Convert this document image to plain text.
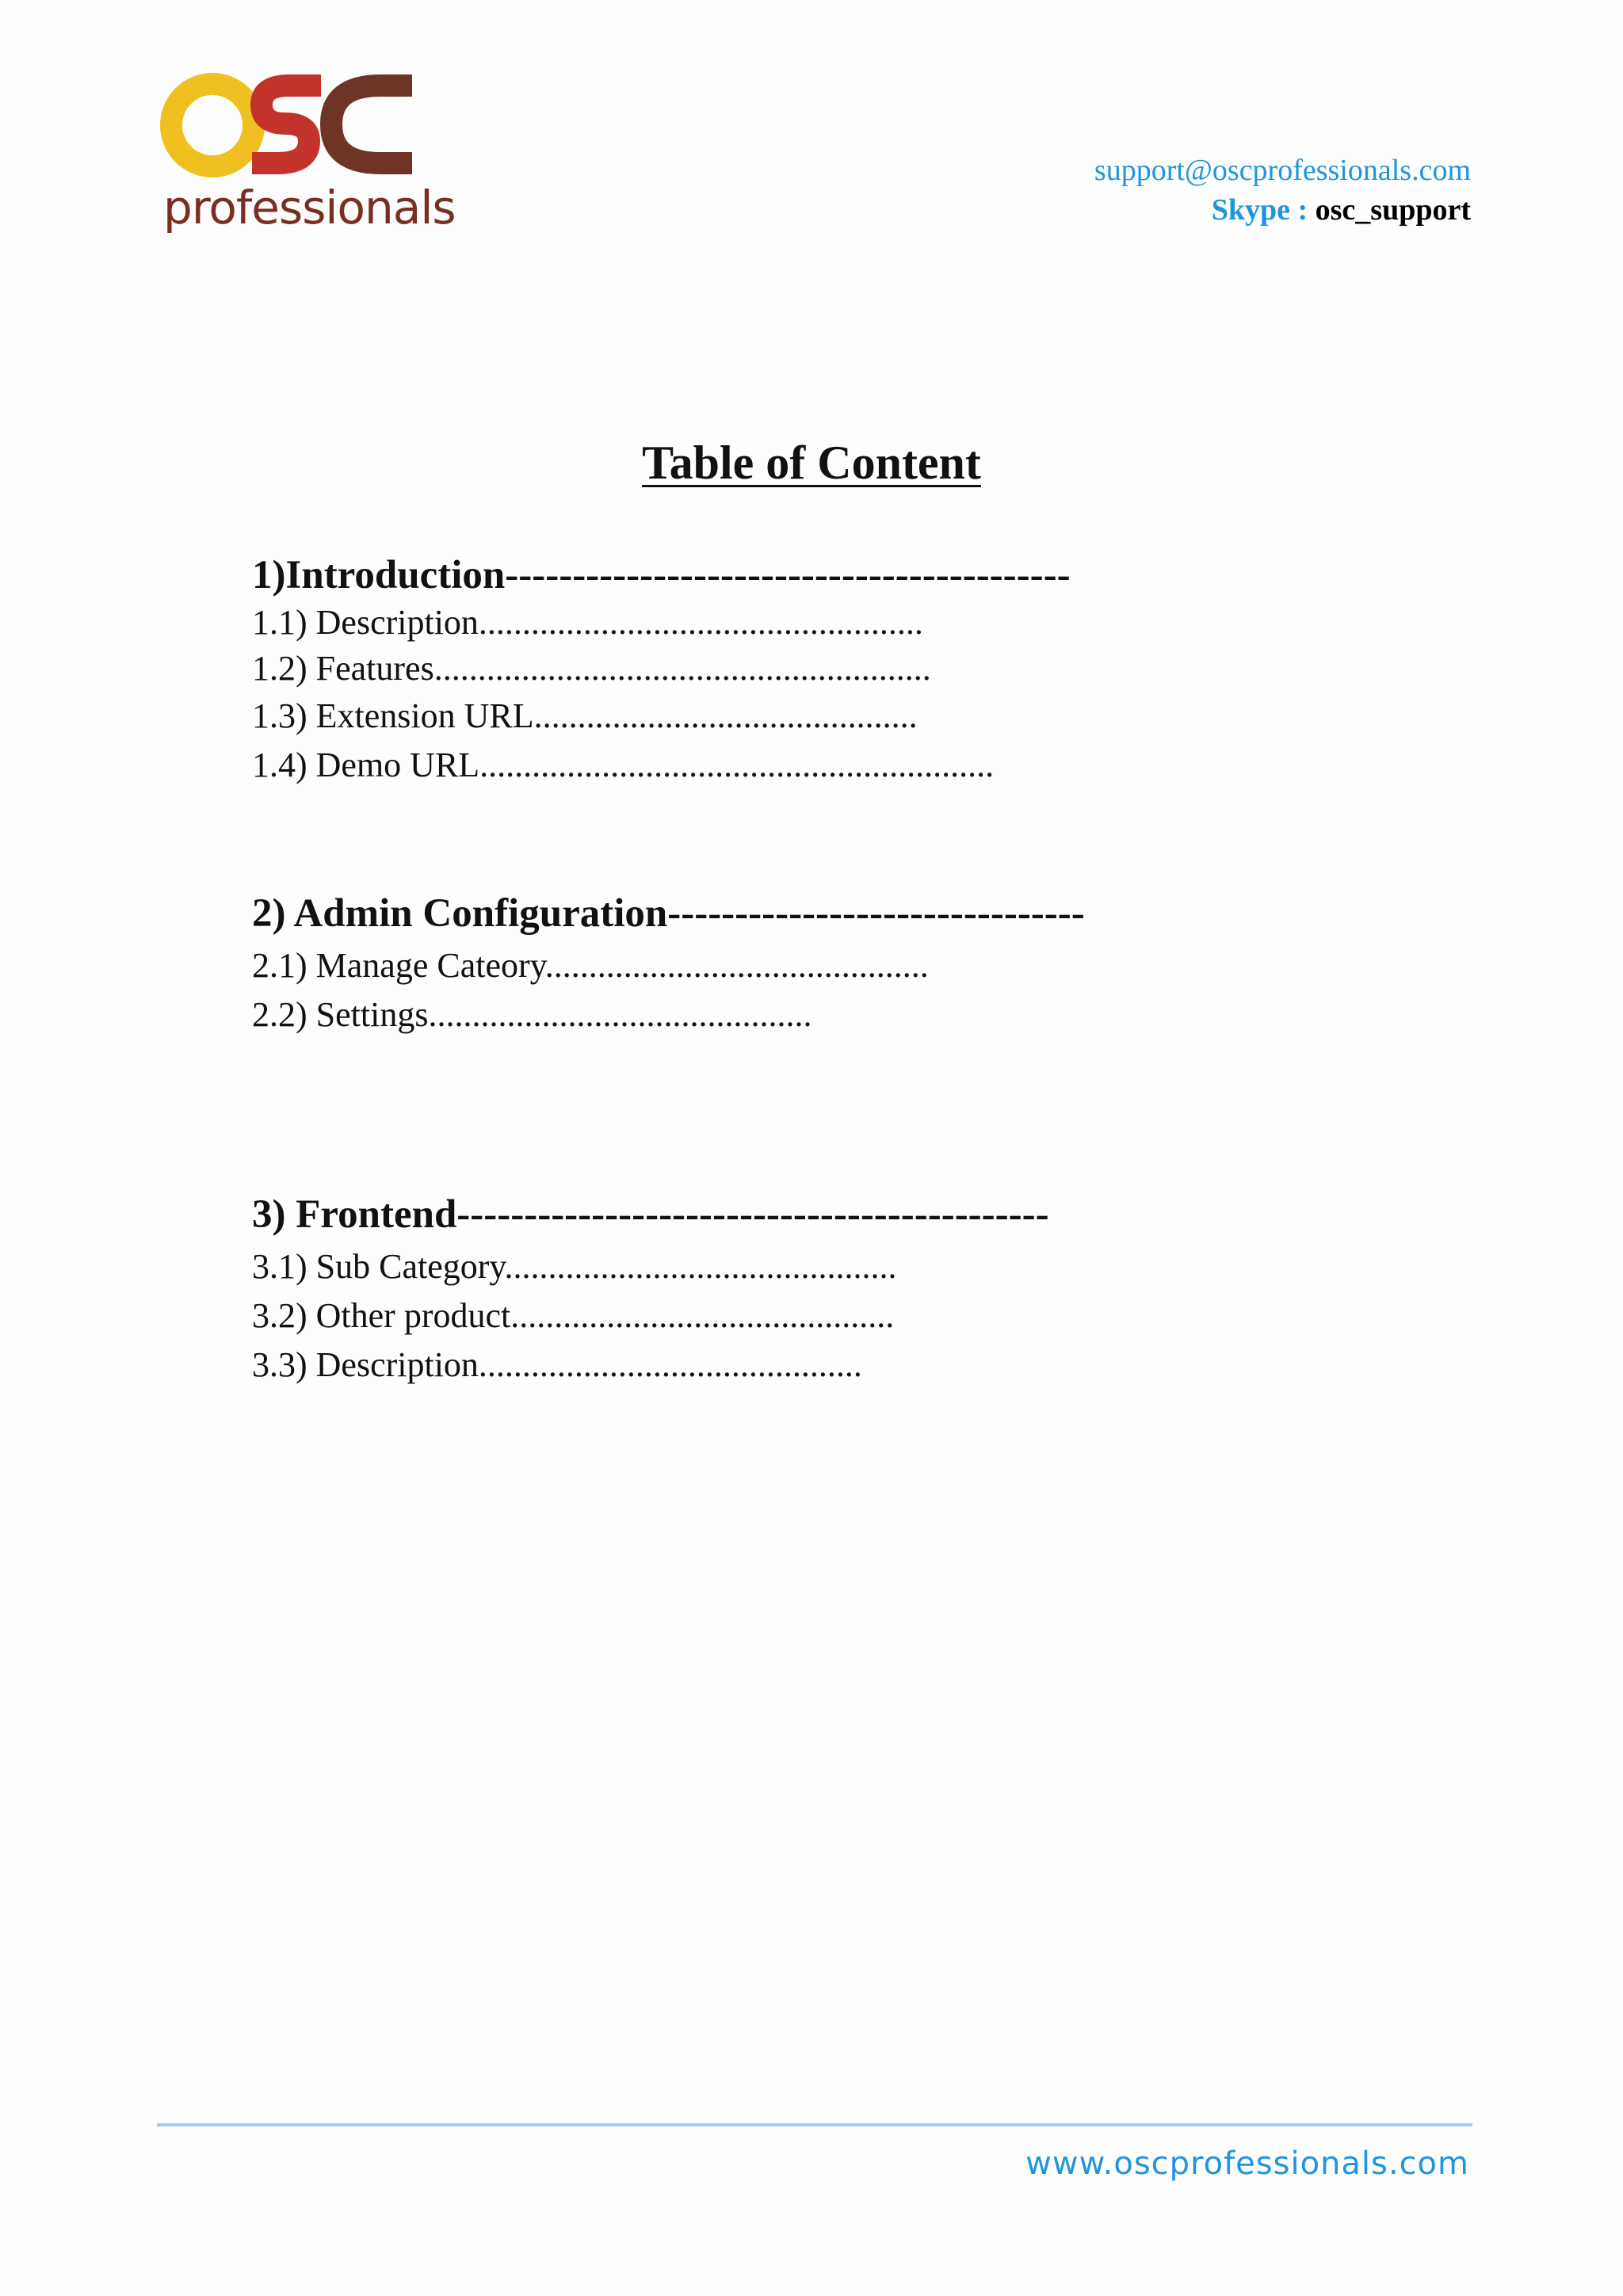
professionals
support@oscprofessionals.com
Skype : osc_support
Table of Content
1)Introduction------------------------------------------
1.1) Description...................................................
1.2) Features.........................................................
1.3) Extension URL............................................
1.4) Demo URL...........................................................
2) Admin Configuration-------------------------------
2.1) Manage Cateory............................................
2.2) Settings............................................
3) Frontend--------------------------------------------
3.1) Sub Category.............................................
3.2) Other product............................................
3.3) Description............................................
www.oscprofessionals.com
